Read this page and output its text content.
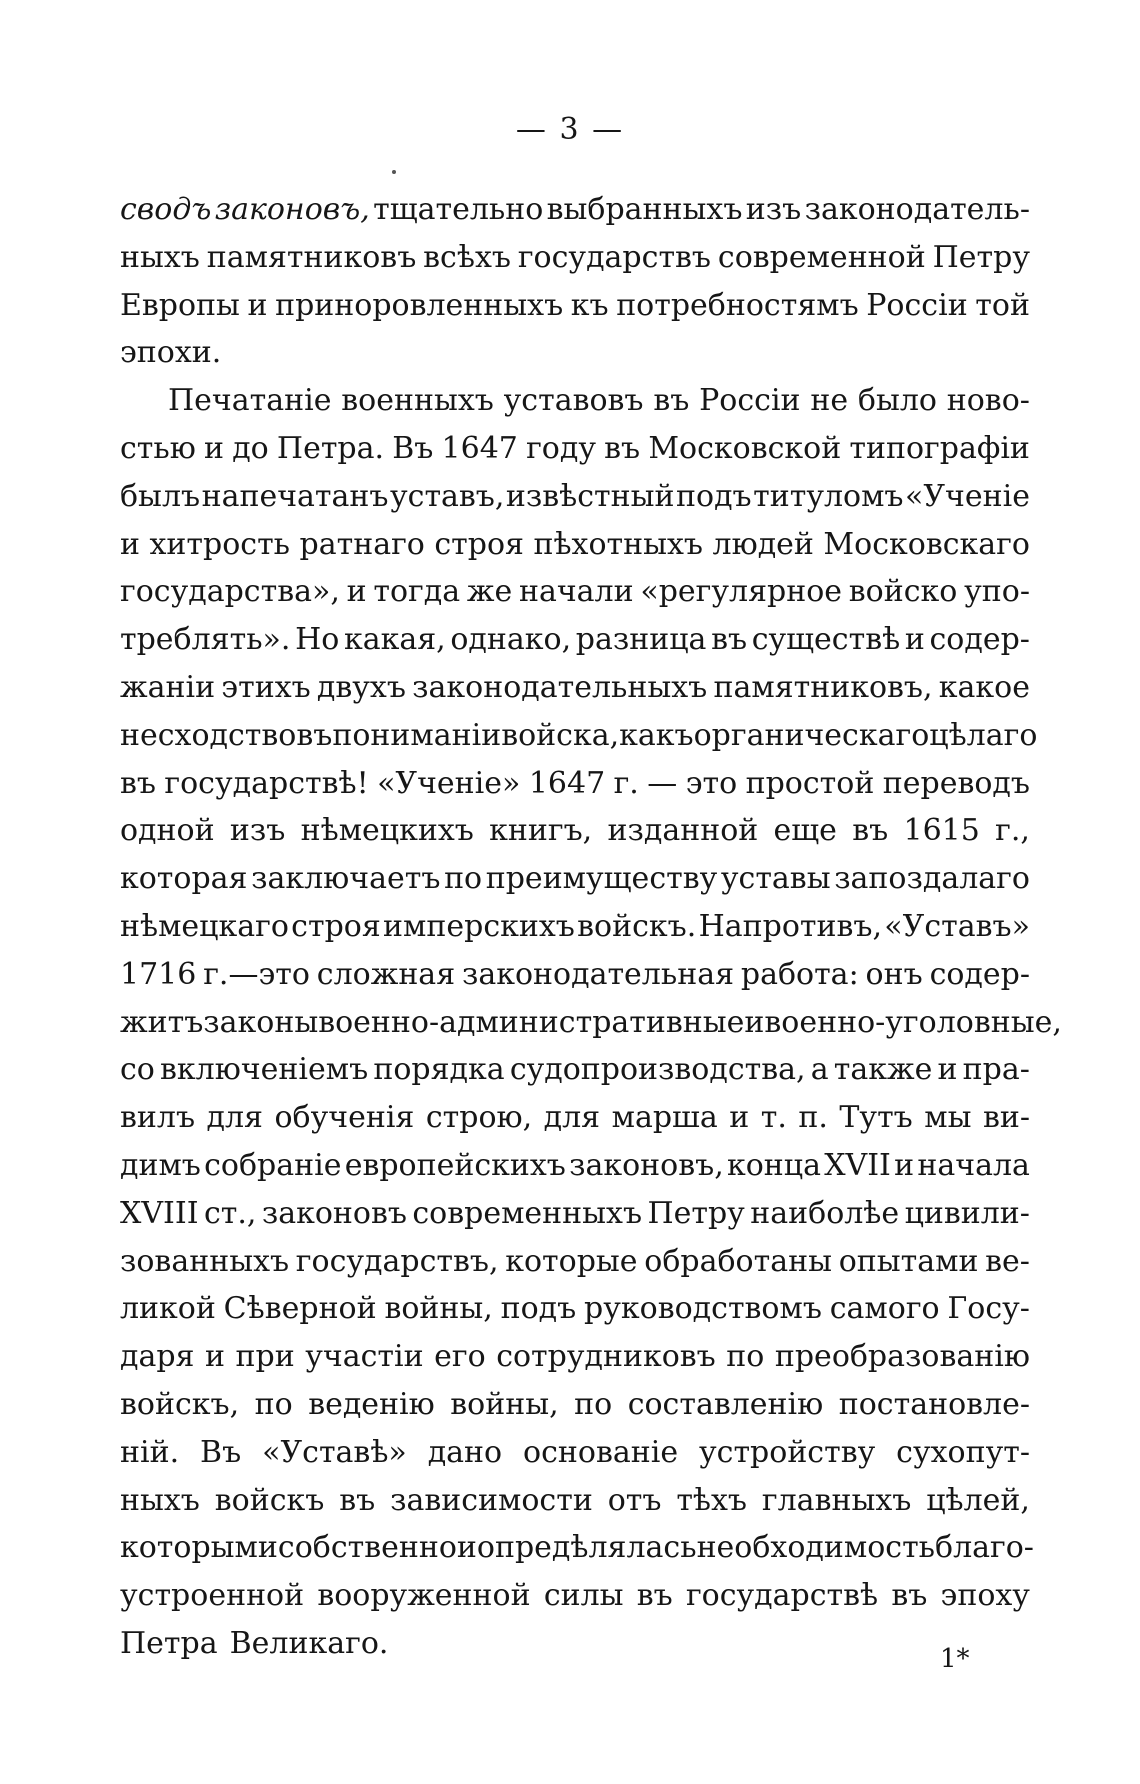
— 3 —
сводъ законовъ, тщательно выбранныхъ изъ законодатель-
ныхъ памятниковъ всѣхъ государствъ современной Петру
Европы и приноровленныхъ къ потребностямъ Россіи той
эпохи.
Печатаніе военныхъ уставовъ въ Россіи не было ново-
стью и до Петра. Въ 1647 году въ Московской типографіи
былъ напечатанъ уставъ, извѣстный подъ титуломъ «Ученіе
и хитрость ратнаго строя пѣхотныхъ людей Московскаго
государства», и тогда же начали «регулярное войско упо-
треблять». Но какая, однако, разница въ существѣ и содер-
жаніи этихъ двухъ законодательныхъ памятниковъ, какое
несходство въ пониманіи войска, какъ органическаго цѣлаго
въ государствѣ! «Ученіе» 1647 г. — это простой переводъ
одной изъ нѣмецкихъ книгъ, изданной еще въ 1615 г.,
которая заключаетъ по преимуществу уставы запоздалаго
нѣмецкаго строя имперскихъ войскъ. Напротивъ, «Уставъ»
1716 г.—это сложная законодательная работа: онъ содер-
житъ законы военно-административные и военно-уголовные,
со включеніемъ порядка судопроизводства, а также и пра-
вилъ для обученія строю, для марша и т. п. Тутъ мы ви-
димъ собраніе европейскихъ законовъ, конца XVII и начала
XVIII ст., законовъ современныхъ Петру наиболѣе цивили-
зованныхъ государствъ, которые обработаны опытами ве-
ликой Сѣверной войны, подъ руководствомъ самого Госу-
даря и при участіи его сотрудниковъ по преобразованію
войскъ, по веденію войны, по составленію постановле-
ній. Въ «Уставѣ» дано основаніе устройству сухопут-
ныхъ войскъ въ зависимости отъ тѣхъ главныхъ цѣлей,
которыми собственно и опредѣлялась необходимость благо-
устроенной вооруженной силы въ государствѣ въ эпоху
Петра Великаго.	1*
